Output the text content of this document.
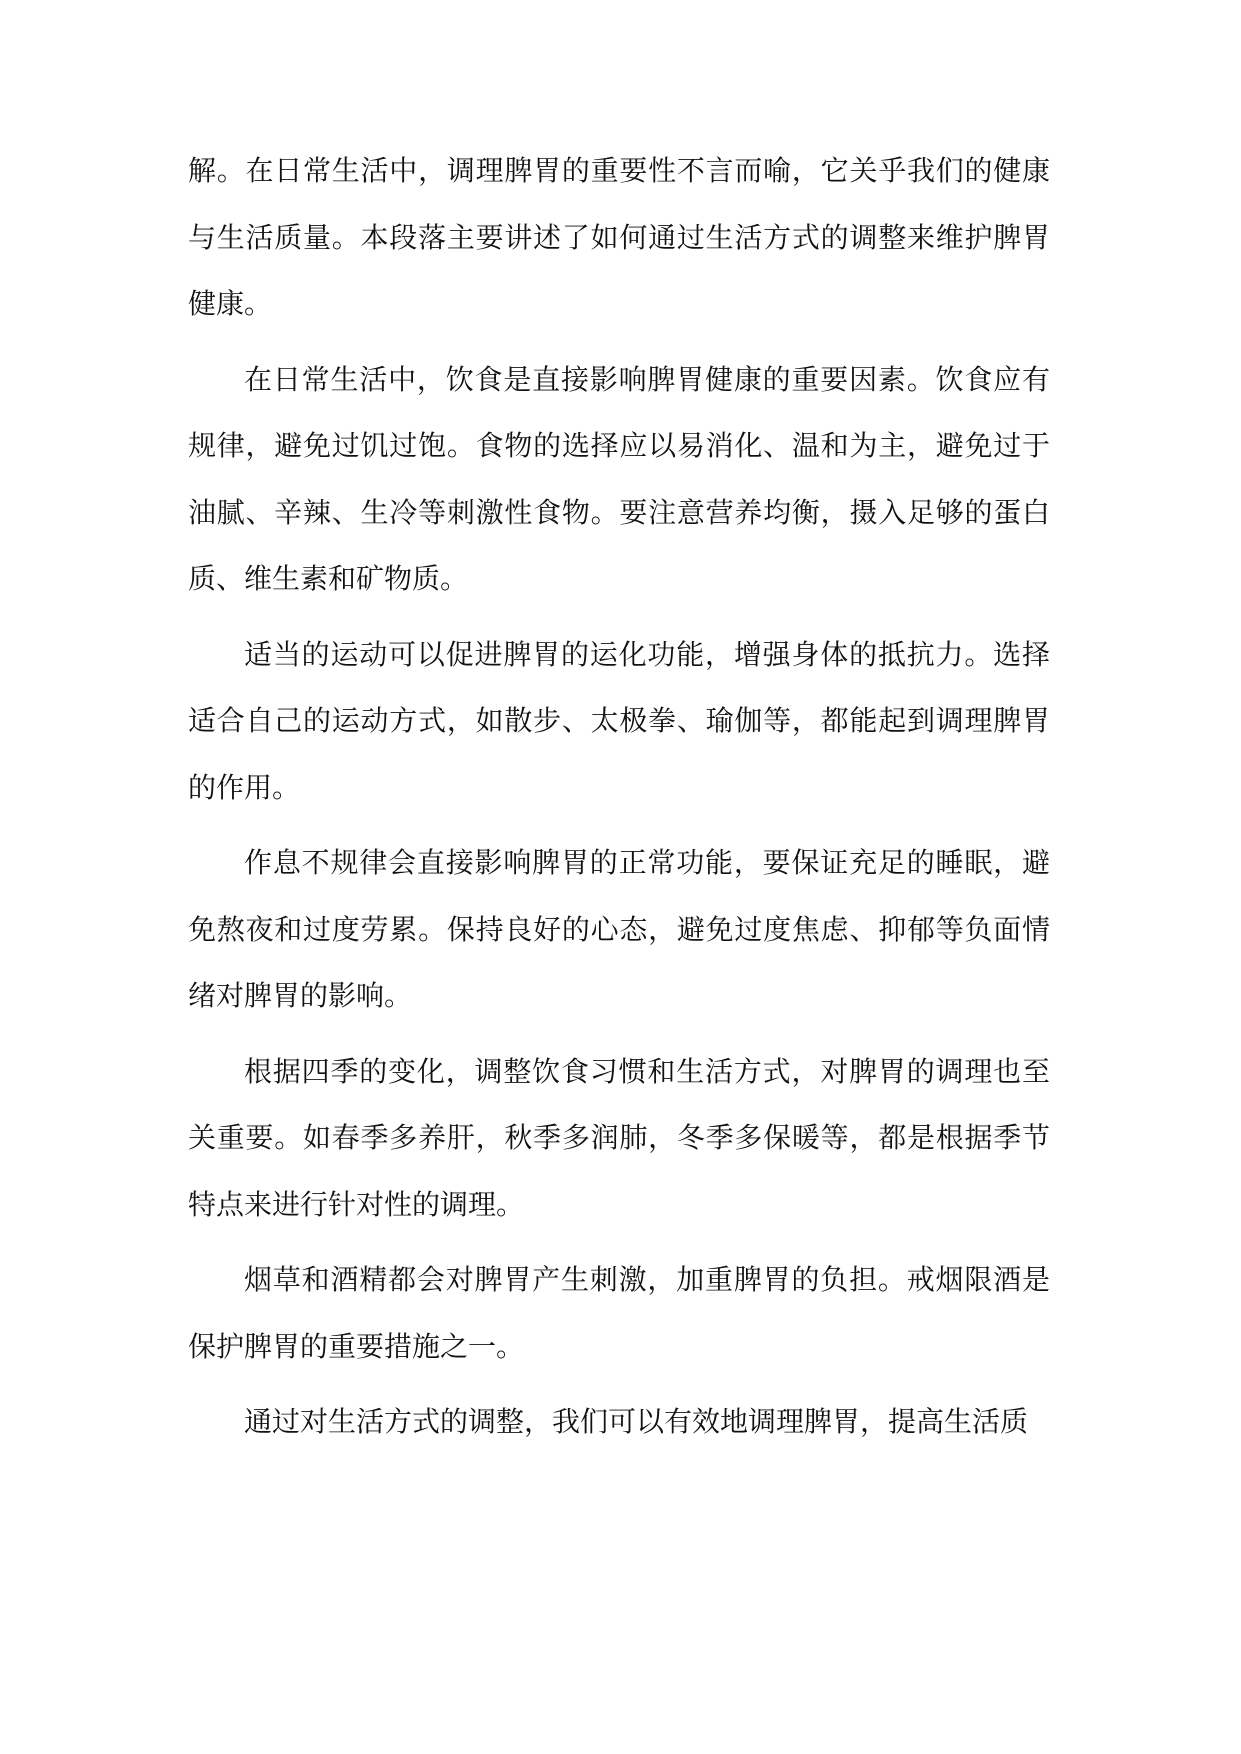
解。在日常生活中，调理脾胃的重要性不言而喻，它关乎我们的健康与生活质量。本段落主要讲述了如何通过生活方式的调整来维护脾胃健康。

在日常生活中，饮食是直接影响脾胃健康的重要因素。饮食应有规律，避免过饥过饱。食物的选择应以易消化、温和为主，避免过于油腻、辛辣、生冷等刺激性食物。要注意营养均衡，摄入足够的蛋白质、维生素和矿物质。

适当的运动可以促进脾胃的运化功能，增强身体的抵抗力。选择适合自己的运动方式，如散步、太极拳、瑜伽等，都能起到调理脾胃的作用。

作息不规律会直接影响脾胃的正常功能，要保证充足的睡眠，避免熬夜和过度劳累。保持良好的心态，避免过度焦虑、抑郁等负面情绪对脾胃的影响。

根据四季的变化，调整饮食习惯和生活方式，对脾胃的调理也至关重要。如春季多养肝，秋季多润肺，冬季多保暖等，都是根据季节特点来进行针对性的调理。

烟草和酒精都会对脾胃产生刺激，加重脾胃的负担。戒烟限酒是保护脾胃的重要措施之一。

通过对生活方式的调整，我们可以有效地调理脾胃，提高生活质
